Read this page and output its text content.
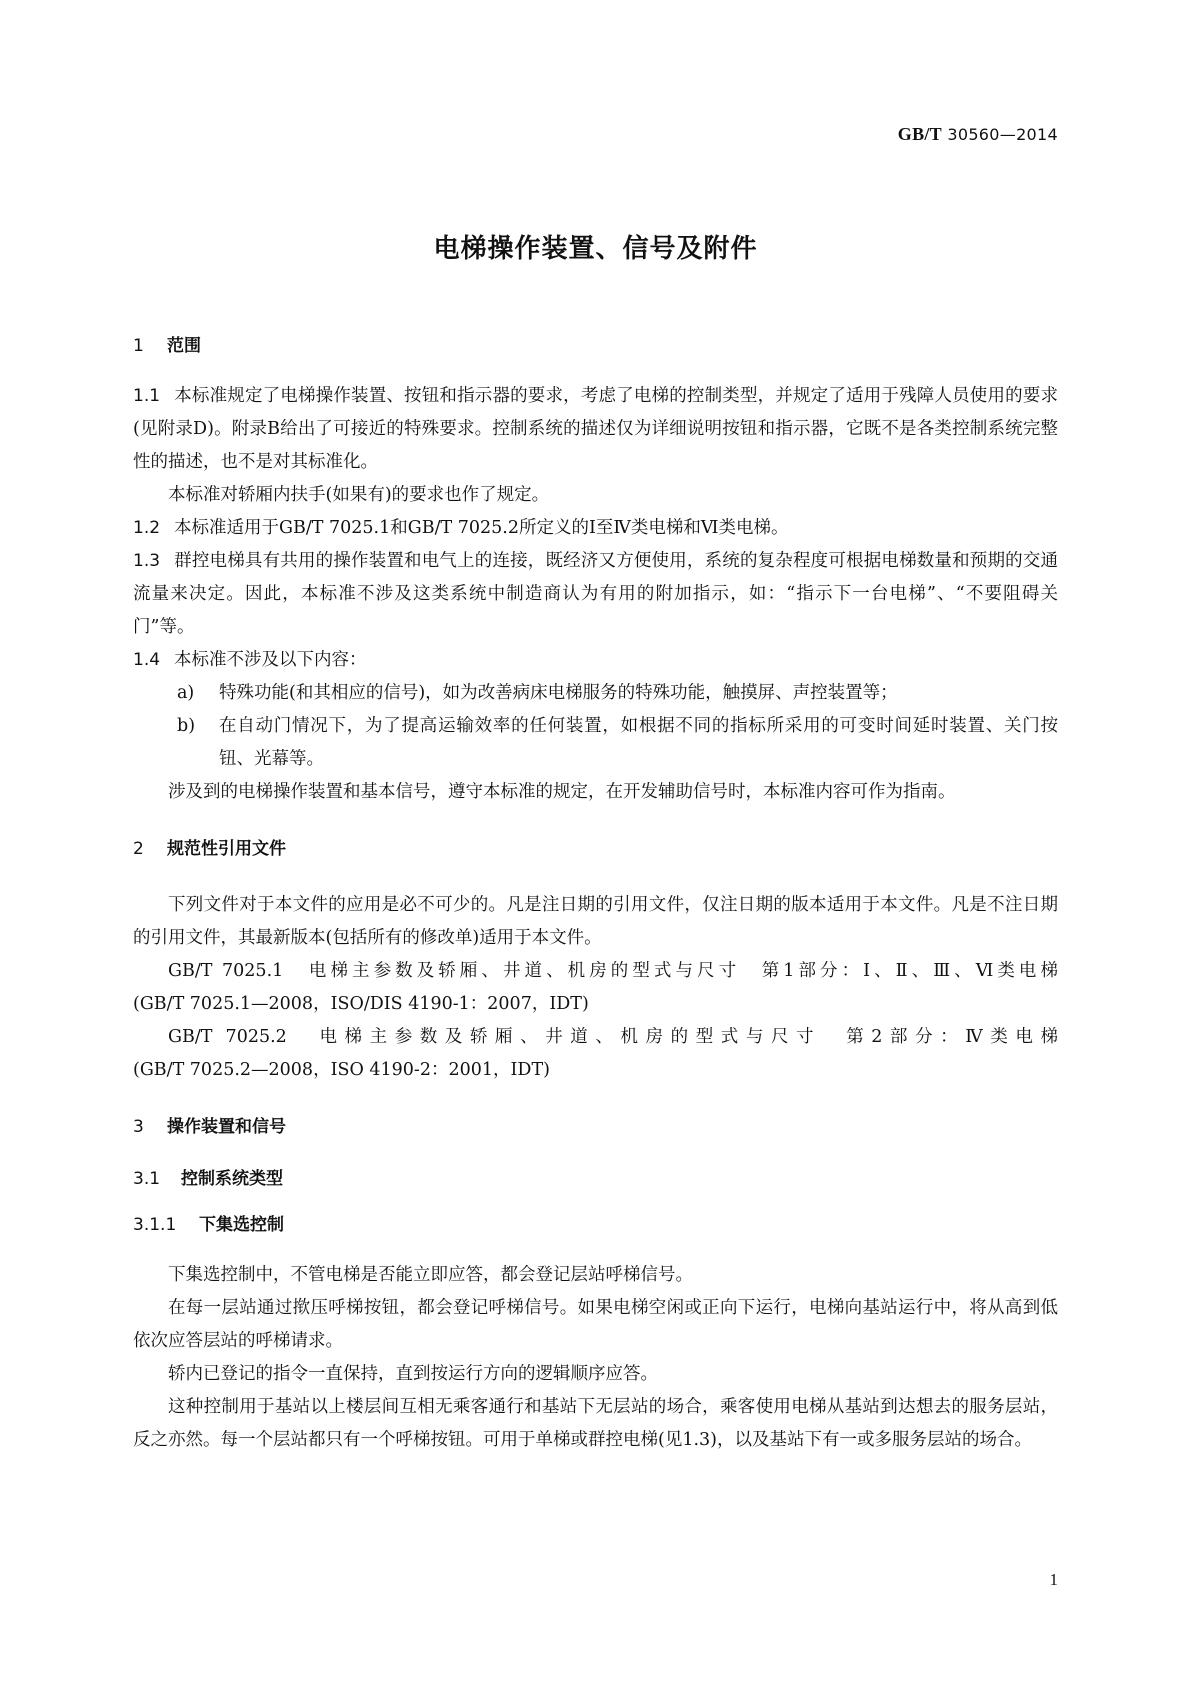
GB/T 30560—2014
电梯操作装置、信号及附件
1 范围

1.1 本标准规定了电梯操作装置、按钮和指示器的要求，考虑了电梯的控制类型，并规定了适用于残障人员使用的要求(见附录D)。附录B给出了可接近的特殊要求。控制系统的描述仅为详细说明按钮和指示器，它既不是各类控制系统完整性的描述，也不是对其标准化。

本标准对轿厢内扶手(如果有)的要求也作了规定。

1.2 本标准适用于GB/T 7025.1和GB/T 7025.2所定义的Ⅰ至Ⅳ类电梯和Ⅵ类电梯。

1.3 群控电梯具有共用的操作装置和电气上的连接，既经济又方便使用，系统的复杂程度可根据电梯数量和预期的交通流量来决定。因此，本标准不涉及这类系统中制造商认为有用的附加指示，如：“指示下一台电梯”、“不要阻碍关门”等。

1.4 本标准不涉及以下内容：

a) 特殊功能(和其相应的信号)，如为改善病床电梯服务的特殊功能，触摸屏、声控装置等；

b) 在自动门情况下，为了提高运输效率的任何装置，如根据不同的指标所采用的可变时间延时装置、关门按钮、光幕等。

涉及到的电梯操作装置和基本信号，遵守本标准的规定，在开发辅助信号时，本标准内容可作为指南。

2 规范性引用文件

下列文件对于本文件的应用是必不可少的。凡是注日期的引用文件，仅注日期的版本适用于本文件。凡是不注日期的引用文件，其最新版本(包括所有的修改单)适用于本文件。

GB/T 7025.1　电梯主参数及轿厢、井道、机房的型式与尺寸　第1部分：Ⅰ、Ⅱ、Ⅲ、Ⅵ类电梯

(GB/T 7025.1—2008，ISO/DIS 4190-1：2007，IDT)

GB/T 7025.2　电梯主参数及轿厢、井道、机房的型式与尺寸　第2部分：Ⅳ类电梯

(GB/T 7025.2—2008，ISO 4190-2：2001，IDT)

3 操作装置和信号
3.1 控制系统类型
3.1.1 下集选控制

下集选控制中，不管电梯是否能立即应答，都会登记层站呼梯信号。

在每一层站通过揿压呼梯按钮，都会登记呼梯信号。如果电梯空闲或正向下运行，电梯向基站运行中，将从高到低依次应答层站的呼梯请求。

轿内已登记的指令一直保持，直到按运行方向的逻辑顺序应答。

这种控制用于基站以上楼层间互相无乘客通行和基站下无层站的场合，乘客使用电梯从基站到达想去的服务层站，反之亦然。每一个层站都只有一个呼梯按钮。可用于单梯或群控电梯(见1.3)，以及基站下有一或多服务层站的场合。

1
